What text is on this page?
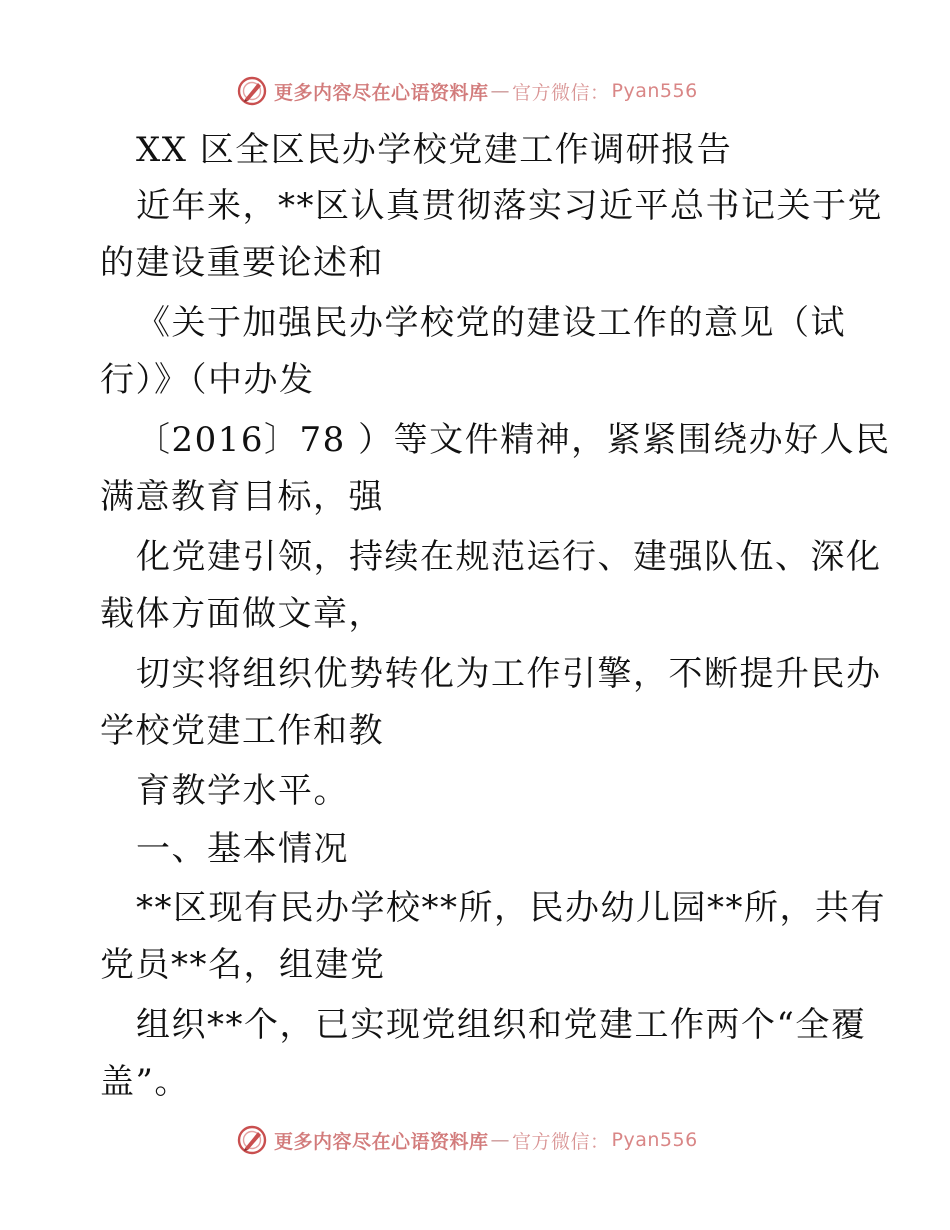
更多内容尽在心语资料库 — 官方微信： Pyan556
XX 区全区民办学校党建工作调研报告
近年来，**区认真贯彻落实习近平总书记关于党
的建设重要论述和
《关于加强民办学校党的建设工作的意见（试
行）》（中办发
〔2016〕78 ）等文件精神，紧紧围绕办好人民
满意教育目标，强
化党建引领，持续在规范运行、建强队伍、深化
载体方面做文章，
切实将组织优势转化为工作引擎，不断提升民办
学校党建工作和教
育教学水平。
一、基本情况
**区现有民办学校**所，民办幼儿园**所，共有
党员**名，组建党
组织**个，已实现党组织和党建工作两个“全覆
盖”。
更多内容尽在心语资料库 — 官方微信： Pyan556
